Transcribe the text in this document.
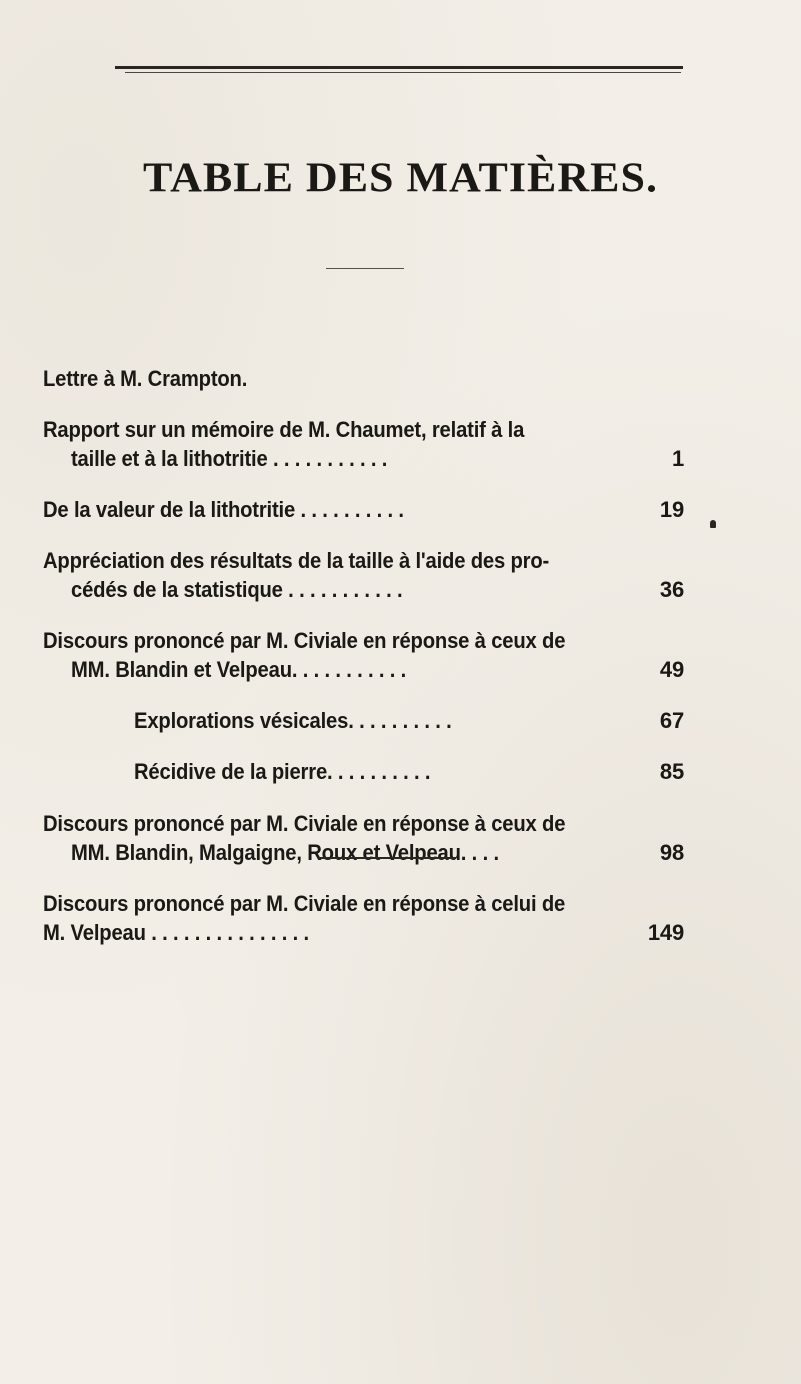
TABLE DES MATIÈRES.
Lettre à M. Crampton.
Rapport sur un mémoire de M. Chaumet, relatif à la
taille et à la lithotritie . . . . . . . . . . .	1
De la valeur de la lithotritie . . . . . . . . . .	19
Appréciation des résultats de la taille à l'aide des pro-
cédés de la statistique . . . . . . . . . . .	36
Discours prononcé par M. Civiale en réponse à ceux de
MM. Blandin et Velpeau. . . . . . . . . . .	49
Explorations vésicales. . . . . . . . . .	67
Récidive de la pierre. . . . . . . . . .	85
Discours prononcé par M. Civiale en réponse à ceux de
MM. Blandin, Malgaigne, Roux et Velpeau. . . .	98
Discours prononcé par M. Civiale en réponse à celui de
M. Velpeau . . . . . . . . . . . . . . .	149
